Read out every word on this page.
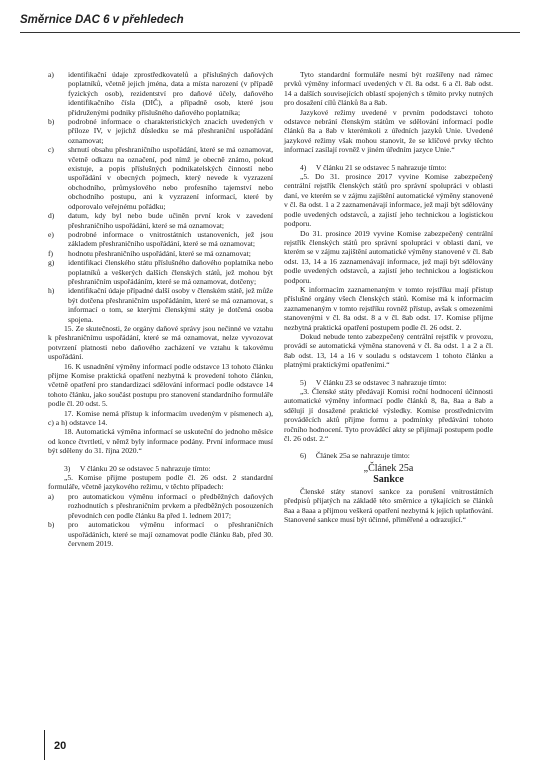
Směrnice DAC 6 v přehledech
a)	identifikační údaje zprostředkovatelů a příslušných daňových poplatníků, včetně jejich jména, data a místa narození (v případě fyzických osob), rezidentství pro daňové účely, daňového identifikačního čísla (DIČ), a případně osob, které jsou přidruženými podniky příslušného daňového poplatníka;
b)	podrobné informace o charakteristických znacích uvedených v příloze IV, v jejichž důsledku se má přeshraniční uspořádání oznamovat;
c)	shrnutí obsahu přeshraničního uspořádání, které se má oznamovat, včetně odkazu na označení, pod nímž je obecně známo, pokud existuje, a popis příslušných podnikatelských činností nebo uspořádání v obecných pojmech, který nevede k vyzrazení obchodního, průmyslového nebo profesního tajemství nebo obchodního postupu, ani k vyzrazení informací, které by odporovalo veřejnému pořádku;
d)	datum, kdy byl nebo bude učiněn první krok v zavedení přeshraničního uspořádání, které se má oznamovat;
e)	podrobné informace o vnitrostátních ustanoveních, jež jsou základem přeshraničního uspořádání, které se má oznamovat;
f)	hodnotu přeshraničního uspořádání, které se má oznamovat;
g)	identifikaci členského státu příslušného daňového poplatníka nebo poplatníků a veškerých dalších členských států, jež mohou být přeshraničním uspořádáním, které se má oznamovat, dotčeny;
h)	identifikační údaje případné další osoby v členském státě, jež může být dotčena přeshraničním uspořádáním, které se má oznamovat, s informací o tom, se kterými členskými státy je dotčená osoba spojena.

15. Ze skutečnosti, že orgány daňové správy jsou nečinné ve vztahu k přeshraničnímu uspořádání, které se má oznamovat, nelze vyvozovat potvrzení platnosti nebo daňového zacházení ve vztahu k takovému uspořádání.

16. K usnadnění výměny informací podle odstavce 13 tohoto článku přijme Komise praktická opatření nezbytná k provedení tohoto článku, včetně opatření pro standardizaci sdělování informací podle odstavce 14 tohoto článku, jako součást postupu pro stanovení standardního formuláře podle čl. 20 odst. 5.

17. Komise nemá přístup k informacím uvedeným v písmenech a), c) a h) odstavce 14.

18. Automatická výměna informací se uskuteční do jednoho měsíce od konce čtvrtletí, v němž byly informace podány. První informace musí být sděleny do 31. října 2020.“

3) V článku 20 se odstavec 5 nahrazuje tímto:

„5. Komise přijme postupem podle čl. 26 odst. 2 standardní formuláře, včetně jazykového režimu, v těchto případech:

a)	pro automatickou výměnu informací o předběžných daňových rozhodnutích s přeshraničním prvkem a předběžných posouzeních převodních cen podle článku 8a před 1. lednem 2017;
b)	pro automatickou výměnu informací o přeshraničních uspořádáních, které se mají oznamovat podle článku 8ab, před 30. červnem 2019.

Tyto standardní formuláře nesmí být rozšířeny nad rámec prvků výměny informací uvedených v čl. 8a odst. 6 a čl. 8ab odst. 14 a dalších souvisejících oblastí spojených s těmito prvky nutných pro dosažení cílů článků 8a a 8ab.

Jazykové režimy uvedené v prvním pododstavci tohoto odstavce nebrání členským státům ve sdělování informací podle článků 8a a 8ab v kterémkoli z úředních jazyků Unie. Uvedené jazykové režimy však mohou stanovit, že se klíčové prvky těchto informací zasílají rovněž v jiném úředním jazyce Unie.“

4) V článku 21 se odstavec 5 nahrazuje tímto:

„5. Do 31. prosince 2017 vyvine Komise zabezpečený centrální rejstřík členských států pro správní spolupráci v oblasti daní, ve kterém se v zájmu zajištění automatické výměny stanovené v čl. 8a odst. 1 a 2 zaznamenávají informace, jež mají být sdělovány podle uvedených odstavců, a zajistí jeho technickou a logistickou podporu.

Do 31. prosince 2019 vyvine Komise zabezpečený centrální rejstřík členských států pro správní spolupráci v oblasti daní, ve kterém se v zájmu zajištění automatické výměny stanovené v čl. 8ab odst. 13, 14 a 16 zaznamenávají informace, jež mají být sdělovány podle uvedených odstavců, a zajistí jeho technickou a logistickou podporu.

K informacím zaznamenaným v tomto rejstříku mají přístup příslušné orgány všech členských států. Komise má k informacím zaznamenaným v tomto rejstříku rovněž přístup, avšak s omezeními stanovenými v čl. 8a odst. 8 a v čl. 8ab odst. 17. Komise přijme nezbytná praktická opatření postupem podle čl. 26 odst. 2.

Dokud nebude tento zabezpečený centrální rejstřík v provozu, provádí se automatická výměna stanovená v čl. 8a odst. 1 a 2 a čl. 8ab odst. 13, 14 a 16 v souladu s odstavcem 1 tohoto článku a platnými praktickými opatřeními.“

5) V článku 23 se odstavec 3 nahrazuje tímto:

„3. Členské státy předávají Komisi roční hodnocení účinnosti automatické výměny informací podle článků 8, 8a, 8aa a 8ab a sdělují jí dosažené praktické výsledky. Komise prostřednictvím prováděcích aktů přijme formu a podmínky předávání tohoto ročního hodnocení. Tyto prováděcí akty se přijímají postupem podle čl. 26 odst. 2.“

6) Článek 25a se nahrazuje tímto:

„Článek 25a
Sankce

Členské státy stanoví sankce za porušení vnitrostátních předpisů přijatých na základě této směrnice a týkajících se článků 8aa a 8aaa a přijmou veškerá opatření nezbytná k jejich uplatňování. Stanovené sankce musí být účinné, přiměřené a odrazující.“

20
